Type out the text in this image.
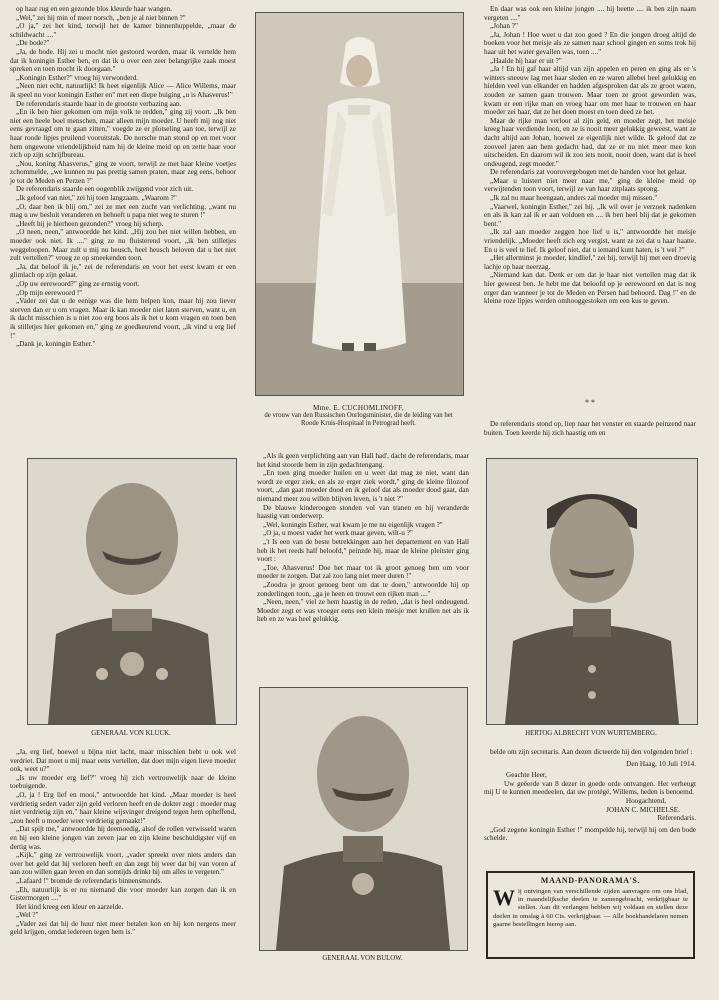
op haar rug en een gezonde blos kleurde haar wangen.

„Wel," zei hij min of meer norsch, „ben je al niet binnen ?"

„O ja," zei het kind, terwijl het de kamer binnenhuppelde, „maar de schildwacht ...."

„De bode?"

„Ja, de bode. Hij zei u mocht niet gestoord worden, maar ik vertelde hem dat ik koningin Esther ben, en dat ik u over een zeer belangrijke zaak moest spreken en toen mocht ik doorgaan."

„Koningin Esther?" vroeg hij verwonderd.

„Neen niet echt, natuurlijk! Ik heet eigenlijk Alice — Alice Willems, maar ik speel nu voor koningin Esther en" met een diepe buiging „u is Ahasverus!"

De referendaris staarde haar in de grootste verbazing aan.

„En ik ben hier gekomen om mijn volk te redden," ging zij voort. „Ik ben niet een heele boel menschen, maar alleen mijn moeder. U heeft mij nog niet eens gevraagd om te gaan zitten," voegde ze er plotseling aan toe, terwijl ze haar roode lipjes pruilend vooruitstak. De norsche man stond op en met voor hem ongewone vriendelijkheid nam hij de kleine meid op en zette haar voor zich op zijn schrijfbureau.

„Nou, koning Ahasverus," ging ze voort, terwijl ze met haar kleine voetjes zchommelde, „we kunnen nu pas prettig samen praten, maar zeg eens, behoor je tot de Meden en Perzen ?"

De referendaris staarde een oogenblik zwijgend voor zich uit.

„Ik geloof van niet," zei hij toen langzaam. „Waarom ?"

„O, daar ben ik blij om," zei ze met een zucht van verlichting, „want nu mag u uw besluit veranderen en behoeft u papa niet weg te sturen !"

„Heeft hij je hierheen gezonden?" vroeg hij scherp.

„O neen, neen," antwoordde het kind. „Hij zou het niet willen hebben, en moeder ook niet. Ik ...." ging ze nu fluisterend voort, „ik ben stilletjes weggeloopen. Maar zult u mij nu heusch, heel heusch beloven dat u het niet zult vertellen?" vroeg ze op smeekenden toon.

„Ja, dat beloof ik je," zei de referendaris en voor het eerst kwam er een glimlach op zijn gelaat.

„Op uw eerewoord?" ging ze ernstig voort.

„Op mijn eerewoord !"

„Vader zei dat u de eenige was die hem helpen kon, maar hij zou liever sterven dan er u om vragen. Maar ik kan moeder niet laten sterven, want u, en ik dacht misschien is u niet zoo erg boos als ik het u kom vragen en toen ben ik stilletjes hier gekomen en," ging ze goedkeurend voort, „ik vind u erg lief !"

„Dank je, koningin Esther."

Mme. E. CUCHOMLINOFF,
de vrouw van den Russischen Oorlogsminister, die de leiding van het Roode Kruis-Hospitaal in Petrograd heeft.

En daar was ook een kleine jongen .... hij heette .... ik ben zijn naam vergeten ...."

„Johan ?"

„Ja, Johan ! Hoe weet u dat zoo goed ? En die jongen droeg altijd de boeken voor het meisje als ze samen naar school gingen en soms trok hij haar uit het water gevallen was, toen ...."

„Haalde hij haar er uit ?"

„Ja ! En hij gaf haar altijd van zijn appelen en peren en ging als er 's winters sneeuw lag met haar sleden en ze waren allebei heel gelukkig en hielden veel van elkander en hadden afgesproken dat als ze groot waren, zouden ze samen gaan trouwen. Maar toen ze groot geworden was, kwam er een rijke man en vroeg haar om met haar te trouwen en haar moeder zei haar, dat ze het doen moest en toen deed ze het.

Maar de rijke man verloor al zijn geld, en moeder zegt, het meisje kreeg haar verdiende loon, en ze is nooit meer gelukkig geweest, want ze dacht altijd aan Johan, hoewel ze eigenlijk niet wilde. Ik geloof dat ze zooveel jaren aan hem gedacht had, dat ze er nu niet meer mee kon uitscheiden. En daarom wil ik zoo iets nooit, nooit doen, want dat is heel ondeugend, zegt moeder."

De referendaris zat voorovergebogen met de handen voor het gelaat.

„Maar u luistert niet meer naar me," ging de kleine meid op verwijtenden toon voort, terwijl ze van haar zitplaats sprong.

„Ik zal nu maar heengaan, anders zal moeder mij missen."

„Vaarwel, koningin Esther," zei hij. „Ik wil over je verzoek nadenken en als ik kan zal ik er aan voldoen en .... ik ben heel blij dat je gekomen bent."

„Ik zal aan moeder zeggen hoe lief u is," antwoordde het meisje vriendelijk. „Moeder heeft zich erg vergist, want ze zei dat u haar haatte. En u is veel te lief. Ik geloof niet, dat u iemand kunt haten, is 't wel ?"

„Het allerminst je moeder, kindlief," zei hij, terwijl hij met een droevig lachje op haar neerzag.

„Niemand kan dat. Denk er om dat je haar niet vertellen mag dat ik hier geweest ben. Je hebt me dat beloofd op je eerewoord en dat is nog erger dan wanneer je tot de Meden en Persen had behoord. Dag !" en de kleine roze lipjes werden omhooggestoken om een kus te geven.

* *

De referendaris stond op, liep naar het venster en staarde peinzend naar buiten. Toen keerde hij zich haastig om en

GENERAAL VON KLUCK.

„Als ik geen verplichting aan van Hall had', dacht de referendaris, maar het kind stoorde hem in zijn gedachtengang.

„En toen ging moeder huilen en u weet dat mag ze niet, want dan wordt ze erger ziek, en als ze erger ziek wordt," ging de kleine filozoof voort, „dan gaat moeder dood en ik geloof dat als moeder dood gaat, dan niemand meer zou willen blijven leven, is 't niet ?"

De blauwe kinderoogen stonden vol van tranen en hij veranderde haastig van onderwerp.

„Wel, koningin Esther, wat kwam je me nu eigenlijk vragen ?"

„O ja, u moest vader het werk maar geven, wilt-u ?"

„'t Is een van de beste betrekkingen aan het departement en van Hall heb ik het reeds half beloofd," peinzde hij, maar de kleine pleitster ging voort :

„Toe, Ahasverus! Doe het maar tot ik groot genoeg ben om voor moeder te zorgen. Dat zal zoo lang niet meer duren !"

„Zoodra je groot genoeg bent om dat te doen," antwoordde hij op zonderlingen toon, „ga je heen en trouwt een rijken man ...."

„Neen, neen," viel ze hem haastig in de reden, „dat is heel ondeugend. Moeder zegt er was vroeger eens een klein meisje met krullen net als ik heb en ze was heel gelukkig.

HERTOG ALBRECHT VON WURTEMBERG.

„Ja, erg lief, hoewel u bijna niet lacht, maar misschien hebt u ook wel verdriet. Dat moet u mij maar eens vertellen, dat doet mijn eigen lieve moeder ook, weet u?"

„Is uw moeder erg lief?" vroeg hij zich vertrouwelijk naar de kleine toebuigende.

„O, ja ! Erg lief en mooi," antwoordde het kind. „Maar moeder is heel verdrietig sedert vader zijn geld verloren heeft en de dokter zegt : moeder mag niet verdrietig zijn en," haar kleine wijsvinger dreigend tegen hem opheffend, „zou heeft u moeder weer verdrietig gemaakt!"

„Dat spijt me," antwoordde hij deemoedig, alsof de rollen verwisseld waren en hij een kleine jongen van zeven jaar en zijn kleine beschuldigster vijf en dertig was.

„Kijk," ging ze vertrouwelijk voort, „vader spreekt over niets anders dan over het geld dat hij verloren heeft en dan zegt hij weer dat hij van voren af aan zou willen gaan leven en dan somtijds drinkt hij om alles te vergeten."

„Lafaard !" bromde de referendaris binnensmonds.

„Eh, natuurlijk is er nu niemand die voor moeder kan zorgen dan ik en Gistermorgen ...."

Het kind kreeg een kleur en aarzelde.

„Wel ?"

„Vader zei dat hij de huur niet meer betalen kon en hij kon nergens meer geld krijgen, omdat iedereen tegen hem is."

GENERAAL VON BÜLOW.

belde om zijn secretaris. Aan dezen dicteerde hij den volgenden brief :

Den Haag, 10 Juli 1914.
Geachte Heer,
Uw geëerde van 8 dezer in goede orde ontvangen. Het verheugt mij U te kunnen meedeelen, dat uw protégé, Willems, heden is benoemd.
Hoogachtend,
JOHAN C. MICHIELSE.
Referendaris.
„God zegene koningin Esther !" mompelde hij, terwijl hij om den bode schelde.
MAAND-PANORAMA'S.
Wij ontvingen van verschillende zijden aanvragen om ons blad, in maandelijksche deelen te zamengebracht, verkrijgbaar te stellen. Aan dit verlangen hebben wij voldaan en stellen deze deelen in omslag à 60 Cts. verkrijgbaar. — Alle boekhandelaren nemen gaarne bestellingen hierop aan.
